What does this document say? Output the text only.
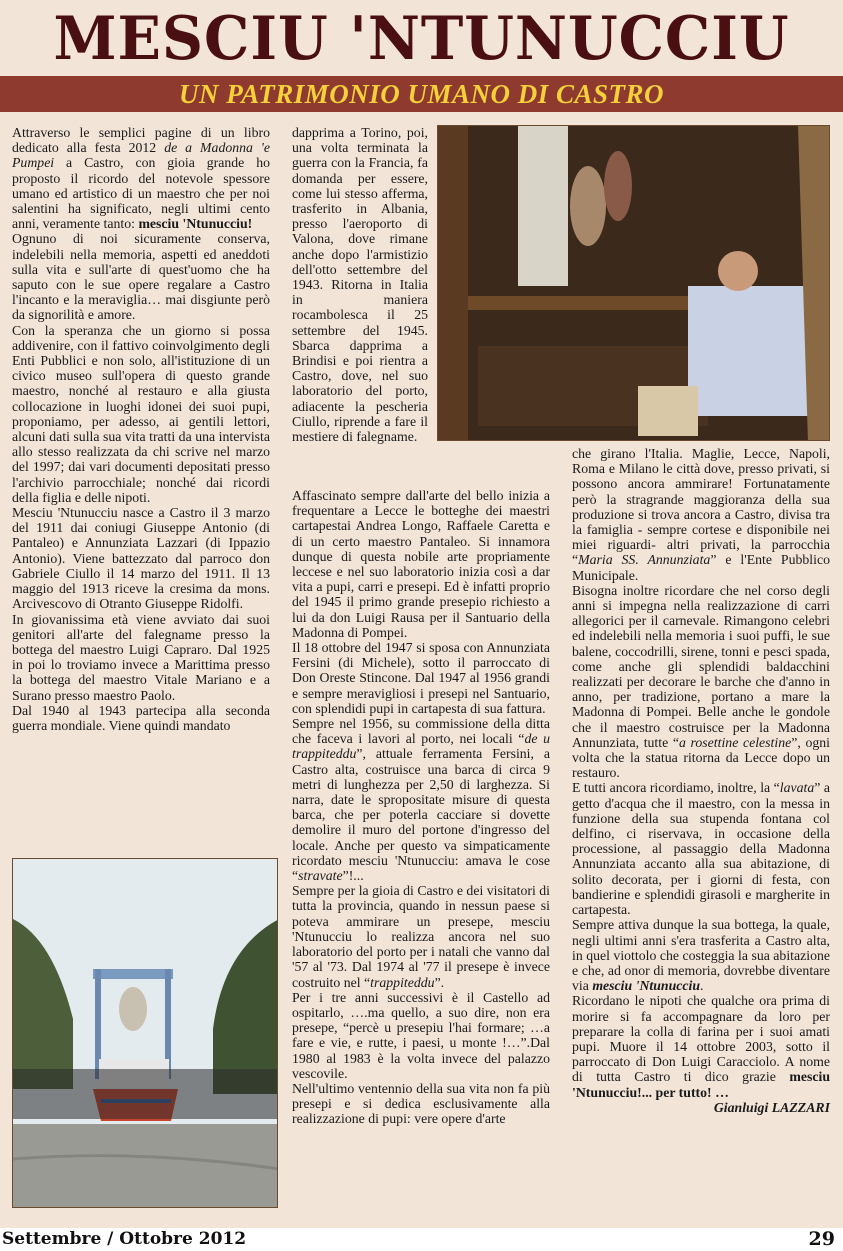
MESCIU 'NTUNUCCIU
UN PATRIMONIO UMANO DI CASTRO

Attraverso le semplici pagine di un libro dedicato alla festa 2012 de a Madonna 'e Pumpei a Castro, con gioia grande ho proposto il ricordo del notevole spessore umano ed artistico di un maestro che per noi salentini ha significato, negli ultimi cento anni, veramente tanto: mesciu 'Ntunucciu!

Ognuno di noi sicuramente conserva, indelebili nella memoria, aspetti ed aneddoti sulla vita e sull'arte di quest'uomo che ha saputo con le sue opere regalare a Castro l'incanto e la meraviglia… mai disgiunte però da signorilità e amore.

Con la speranza che un giorno si possa addivenire, con il fattivo coinvolgimento degli Enti Pubblici e non solo, all'istituzione di un civico museo sull'opera di questo grande maestro, nonché al restauro e alla giusta collocazione in luoghi idonei dei suoi pupi, proponiamo, per adesso, ai gentili lettori, alcuni dati sulla sua vita tratti da una intervista allo stesso realizzata da chi scrive nel marzo del 1997; dai vari documenti depositati presso l'archivio parrocchiale; nonché dai ricordi della figlia e delle nipoti.

Mesciu 'Ntunucciu nasce a Castro il 3 marzo del 1911 dai coniugi Giuseppe Antonio (di Pantaleo) e Annunziata Lazzari (di Ippazio Antonio). Viene battezzato dal parroco don Gabriele Ciullo il 14 marzo del 1911. Il 13 maggio del 1913 riceve la cresima da mons. Arcivescovo di Otranto Giuseppe Ridolfi.

In giovanissima età viene avviato dai suoi genitori all'arte del falegname presso la bottega del maestro Luigi Capraro. Dal 1925 in poi lo troviamo invece a Marittima presso la bottega del maestro Vitale Mariano e a Surano presso maestro Paolo.

Dal 1940 al 1943 partecipa alla seconda guerra mondiale. Viene quindi mandato

dapprima a Torino, poi, una volta terminata la guerra con la Francia, fa domanda per essere, come lui stesso afferma, trasferito in Albania, presso l'aeroporto di Valona, dove rimane anche dopo l'armistizio dell'otto settembre del 1943. Ritorna in Italia in maniera rocambolesca il 25 settembre del 1945. Sbarca dapprima a Brindisi e poi rientra a Castro, dove, nel suo laboratorio del porto, adiacente la pescheria Ciullo, riprende a fare il mestiere di falegname.

Affascinato sempre dall'arte del bello inizia a frequentare a Lecce le botteghe dei maestri cartapestai Andrea Longo, Raffaele Caretta e di un certo maestro Pantaleo. Si innamora dunque di questa nobile arte propriamente leccese e nel suo laboratorio inizia così a dar vita a pupi, carri e presepi. Ed è infatti proprio del 1945 il primo grande presepio richiesto a lui da don Luigi Rausa per il Santuario della Madonna di Pompei.

Il 18 ottobre del 1947 si sposa con Annunziata Fersini (di Michele), sotto il parroccato di Don Oreste Stincone. Dal 1947 al 1956 grandi e sempre meravigliosi i presepi nel Santuario, con splendidi pupi in cartapesta di sua fattura.

Sempre nel 1956, su commissione della ditta che faceva i lavori al porto, nei locali “de u trappiteddu”, attuale ferramenta Fersini, a Castro alta, costruisce una barca di circa 9 metri di lunghezza per 2,50 di larghezza. Si narra, date le spropositate misure di questa barca, che per poterla cacciare si dovette demolire il muro del portone d'ingresso del locale. Anche per questo va simpaticamente ricordato mesciu 'Ntunucciu: amava le cose “stravate”!...

Sempre per la gioia di Castro e dei visitatori di tutta la provincia, quando in nessun paese si poteva ammirare un presepe, mesciu 'Ntunucciu lo realizza ancora nel suo laboratorio del porto per i natali che vanno dal '57 al '73. Dal 1974 al '77 il presepe è invece costruito nel “trappiteddu”.

Per i tre anni successivi è il Castello ad ospitarlo, ….ma quello, a suo dire, non era presepe, “percè u presepiu l'hai formare; …a fare e vie, e rutte, i paesi, u monte !…”.Dal 1980 al 1983 è la volta invece del palazzo vescovile.

Nell'ultimo ventennio della sua vita non fa più presepi e si dedica esclusivamente alla realizzazione di pupi: vere opere d'arte

che girano l'Italia. Maglie, Lecce, Napoli, Roma e Milano le città dove, presso privati, si possono ancora ammirare! Fortunatamente però la stragrande maggioranza della sua produzione si trova ancora a Castro, divisa tra la famiglia - sempre cortese e disponibile nei miei riguardi- altri privati, la parrocchia “Maria SS. Annunziata” e l'Ente Pubblico Municipale.

Bisogna inoltre ricordare che nel corso degli anni si impegna nella realizzazione di carri allegorici per il carnevale. Rimangono celebri ed indelebili nella memoria i suoi puffi, le sue balene, coccodrilli, sirene, tonni e pesci spada, come anche gli splendidi baldacchini realizzati per decorare le barche che d'anno in anno, per tradizione, portano a mare la Madonna di Pompei. Belle anche le gondole che il maestro costruisce per la Madonna Annunziata, tutte “a rosettine celestine”, ogni volta che la statua ritorna da Lecce dopo un restauro.

E tutti ancora ricordiamo, inoltre, la “lavata” a getto d'acqua che il maestro, con la messa in funzione della sua stupenda fontana col delfino, ci riservava, in occasione della processione, al passaggio della Madonna Annunziata accanto alla sua abitazione, di solito decorata, per i giorni di festa, con bandierine e splendidi girasoli e margherite in cartapesta.

Sempre attiva dunque la sua bottega, la quale, negli ultimi anni s'era trasferita a Castro alta, in quel viottolo che costeggia la sua abitazione e che, ad onor di memoria, dovrebbe diventare via mesciu 'Ntunucciu.

Ricordano le nipoti che qualche ora prima di morire si fa accompagnare da loro per preparare la colla di farina per i suoi amati pupi. Muore il 14 ottobre 2003, sotto il parroccato di Don Luigi Caracciolo. A nome di tutta Castro ti dico grazie mesciu 'Ntunucciu!... per tutto! …

Gianluigi LAZZARI

Settembre / Ottobre 2012	29
